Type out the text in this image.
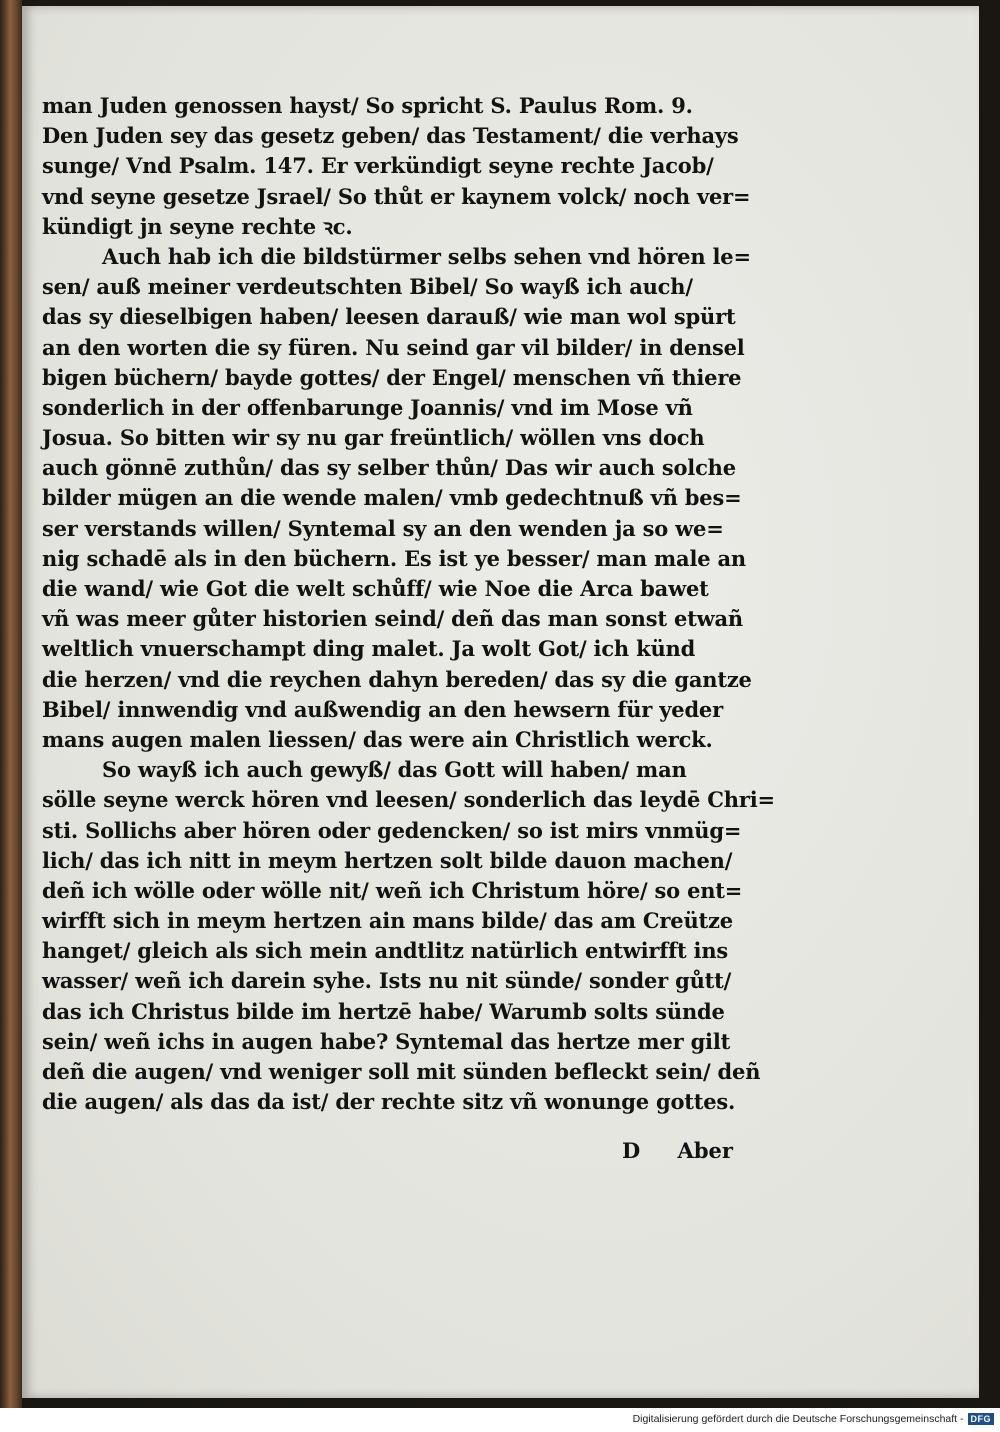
man Juden genossen hayst/ So spricht S. Paulus Rom. 9.
Den Juden sey das gesetz geben/ das Testament/ die verhays
sunge/ Vnd Psalm. 147. Er verkündigt seyne rechte Jacob/
vnd seyne gesetze Jsrael/ So thůt er kaynem volck/ noch ver=
kündigt jn seyne rechte ꝛc.
Auch hab ich die bildstürmer selbs sehen vnd hören le=
sen/ auß meiner verdeutschten Bibel/ So wayß ich auch/
das sy dieselbigen haben/ leesen darauß/ wie man wol spürt
an den worten die sy füren. Nu seind gar vil bilder/ in densel
bigen büchern/ bayde gottes/ der Engel/ menschen vñ thiere
sonderlich in der offenbarunge Joannis/ vnd im Mose vñ
Josua. So bitten wir sy nu gar freüntlich/ wöllen vns doch
auch gönnē zuthůn/ das sy selber thůn/ Das wir auch solche
bilder mügen an die wende malen/ vmb gedechtnuß vñ bes=
ser verstands willen/ Syntemal sy an den wenden ja so we=
nig schadē als in den büchern. Es ist ye besser/ man male an
die wand/ wie Got die welt schůff/ wie Noe die Arca bawet
vñ was meer gůter historien seind/ deñ das man sonst etwañ
weltlich vnuerschampt ding malet. Ja wolt Got/ ich künd
die herzen/ vnd die reychen dahyn bereden/ das sy die gantze
Bibel/ innwendig vnd außwendig an den hewsern für yeder
mans augen malen liessen/ das were ain Christlich werck.
So wayß ich auch gewyß/ das Gott will haben/ man
sölle seyne werck hören vnd leesen/ sonderlich das leydē Chri=
sti. Sollichs aber hören oder gedencken/ so ist mirs vnmüg=
lich/ das ich nitt in meym hertzen solt bilde dauon machen/
deñ ich wölle oder wölle nit/ weñ ich Christum höre/ so ent=
wirfft sich in meym hertzen ain mans bilde/ das am Creütze
hanget/ gleich als sich mein andtlitz natürlich entwirfft ins
wasser/ weñ ich darein syhe. Ists nu nit sünde/ sonder gůtt/
das ich Christus bilde im hertzē habe/ Warumb solts sünde
sein/ weñ ichs in augen habe? Syntemal das hertze mer gilt
deñ die augen/ vnd weniger soll mit sünden befleckt sein/ deñ
die augen/ als das da ist/ der rechte sitz vñ wonunge gottes.
D Aber
Digitalisierung gefördert durch die Deutsche Forschungsgemeinschaft - DFG
